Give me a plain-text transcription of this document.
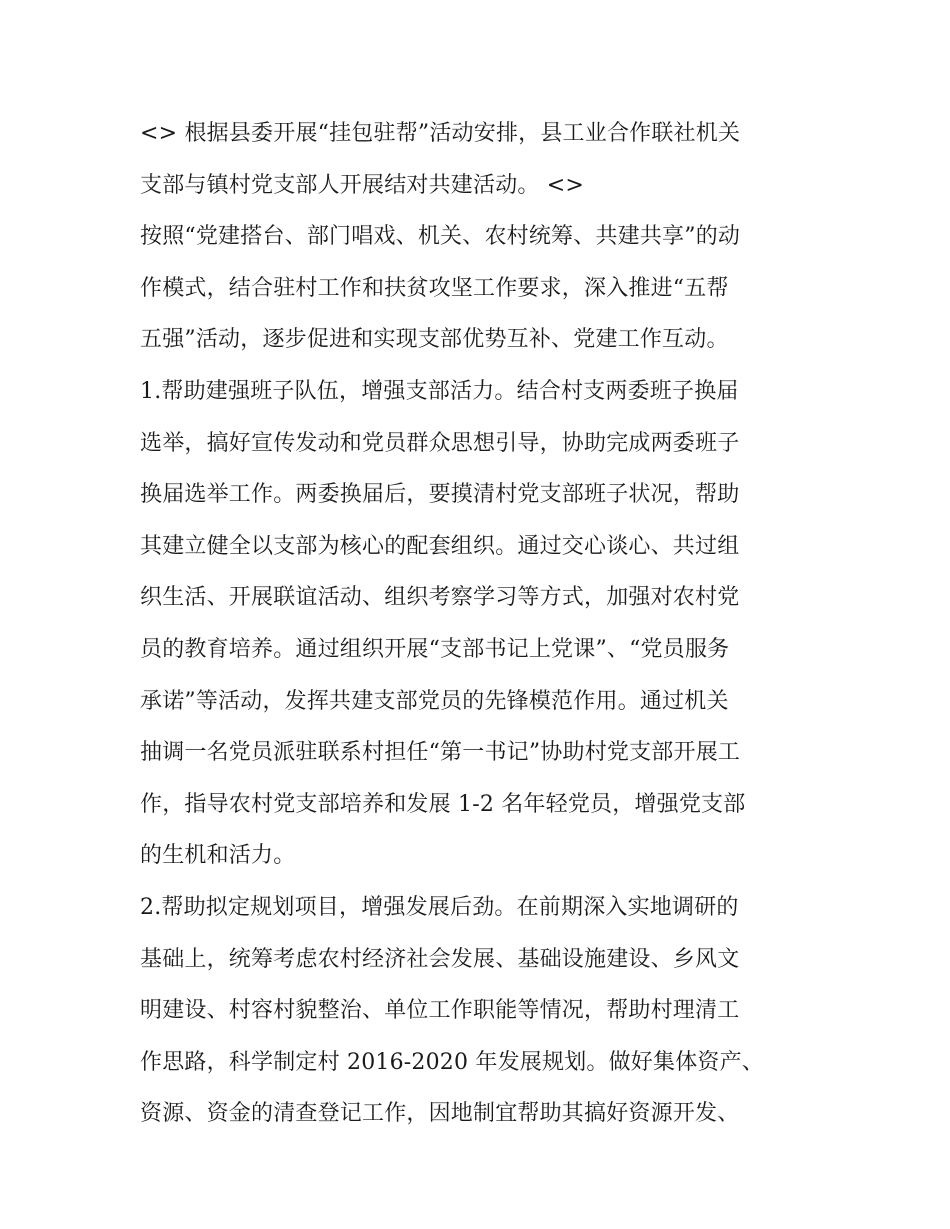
<> 根据县委开展“挂包驻帮”活动安排，县工业合作联社机关
支部与镇村党支部人开展结对共建活动。 <>
按照“党建搭台、部门唱戏、机关、农村统筹、共建共享”的动
作模式，结合驻村工作和扶贫攻坚工作要求，深入推进“五帮
五强”活动，逐步促进和实现支部优势互补、党建工作互动。
1.帮助建强班子队伍，增强支部活力。结合村支两委班子换届
选举，搞好宣传发动和党员群众思想引导，协助完成两委班子
换届选举工作。两委换届后，要摸清村党支部班子状况，帮助
其建立健全以支部为核心的配套组织。通过交心谈心、共过组
织生活、开展联谊活动、组织考察学习等方式，加强对农村党
员的教育培养。通过组织开展“支部书记上党课”、“党员服务
承诺”等活动，发挥共建支部党员的先锋模范作用。通过机关
抽调一名党员派驻联系村担任“第一书记”协助村党支部开展工
作，指导农村党支部培养和发展 1-2 名年轻党员，增强党支部
的生机和活力。
2.帮助拟定规划项目，增强发展后劲。在前期深入实地调研的
基础上，统筹考虑农村经济社会发展、基础设施建设、乡风文
明建设、村容村貌整治、单位工作职能等情况，帮助村理清工
作思路，科学制定村 2016-2020 年发展规划。做好集体资产、
资源、资金的清查登记工作，因地制宜帮助其搞好资源开发、
